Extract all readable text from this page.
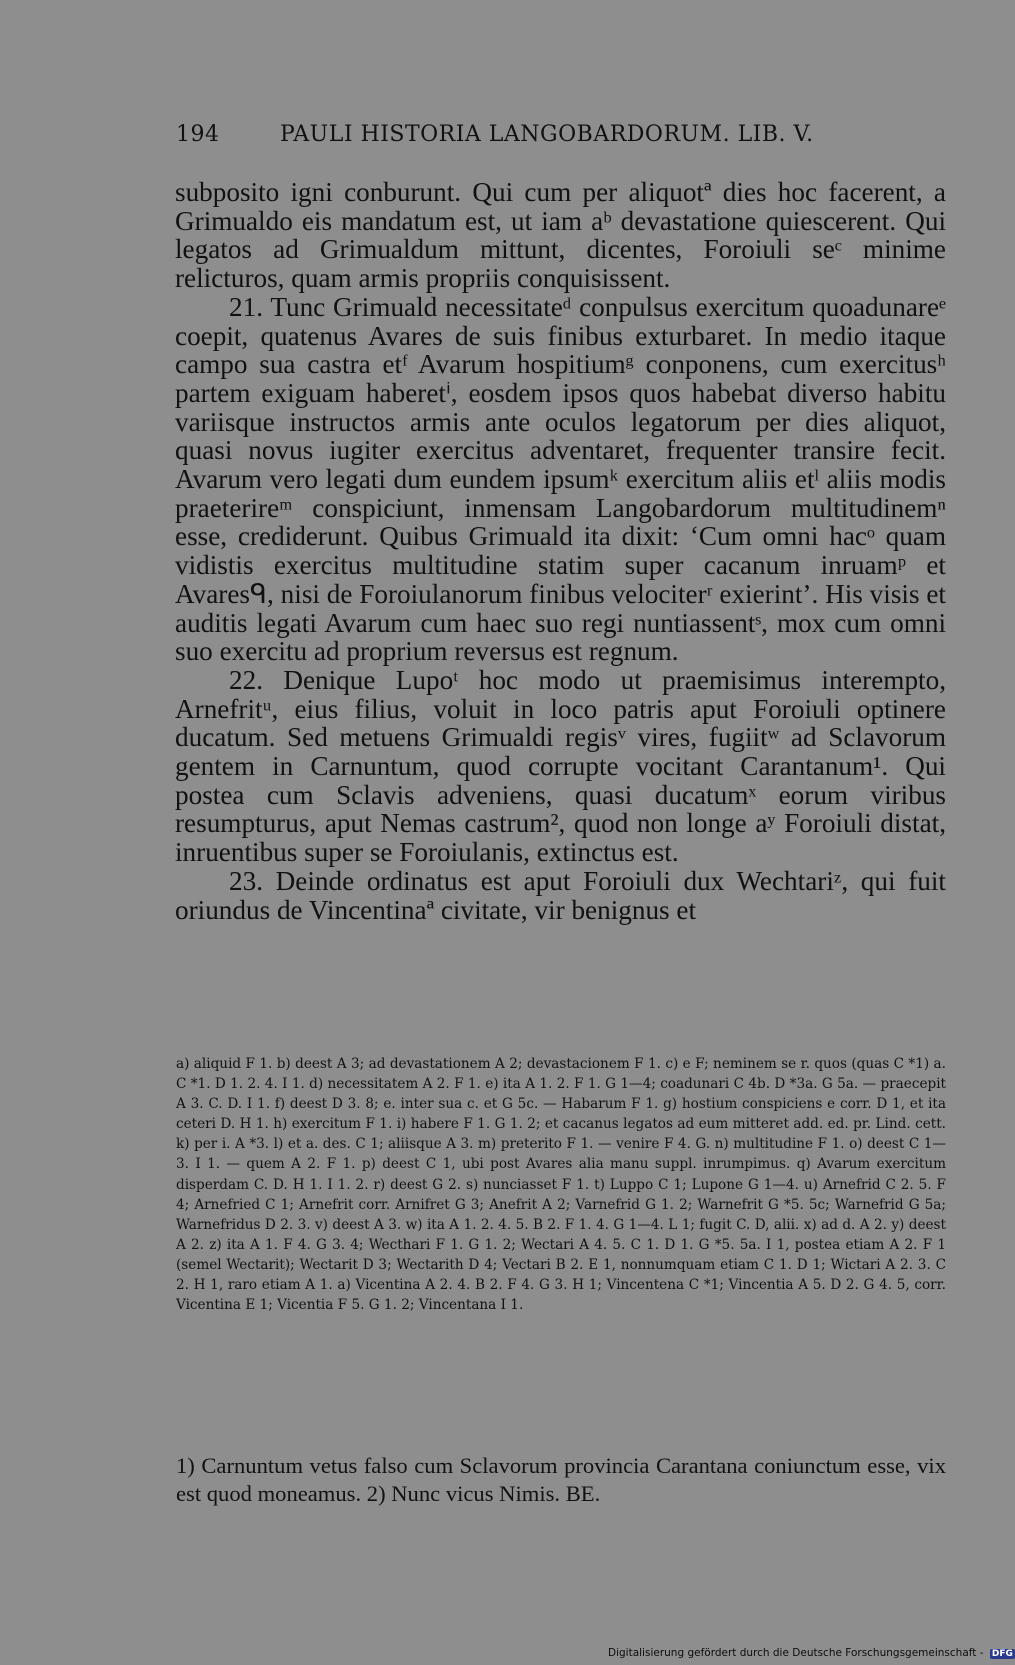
194	PAULI HISTORIA LANGOBARDORUM. LIB. V.

subposito igni conburunt. Qui cum per aliquotª dies hoc facerent, a Grimualdo eis mandatum est, ut iam aᵇ devastatione quiescerent. Qui legatos ad Grimualdum mittunt, dicentes, Foroiuli seᶜ minime relicturos, quam armis propriis conquisissent.

21. Tunc Grimuald necessitateᵈ conpulsus exercitum quoadunareᵉ coepit, quatenus Avares de suis finibus exturbaret. In medio itaque campo sua castra etᶠ Avarum hospitiumᵍ conponens, cum exercitusʰ partem exiguam haberetⁱ, eosdem ipsos quos habebat diverso habitu variisque instructos armis ante oculos legatorum per dies aliquot, quasi novus iugiter exercitus adventaret, frequenter transire fecit. Avarum vero legati dum eundem ipsumᵏ exercitum aliis etˡ aliis modis praeterireᵐ conspiciunt, inmensam Langobardorum multitudinemⁿ esse, crediderunt. Quibus Grimuald ita dixit: ‘Cum omni hacᵒ quam vidistis exercitus multitudine statim super cacanum inruamᵖ et Avaresᑫ, nisi de Foroiulanorum finibus velociterʳ exierint’. His visis et auditis legati Avarum cum haec suo regi nuntiassentˢ, mox cum omni suo exercitu ad proprium reversus est regnum.

22. Denique Lupoᵗ hoc modo ut praemisimus interempto, Arnefritᵘ, eius filius, voluit in loco patris aput Foroiuli optinere ducatum. Sed metuens Grimualdi regisᵛ vires, fugiitʷ ad Sclavorum gentem in Carnuntum, quod corrupte vocitant Carantanum¹. Qui postea cum Sclavis adveniens, quasi ducatumˣ eorum viribus resumpturus, aput Nemas castrum², quod non longe aʸ Foroiuli distat, inruentibus super se Foroiulanis, extinctus est.

23. Deinde ordinatus est aput Foroiuli dux Wechtariᶻ, qui fuit oriundus de Vincentinaª civitate, vir benignus et

a) aliquid F 1. b) deest A 3; ad devastationem A 2; devastacionem F 1. c) e F; neminem se r. quos (quas C *1) a. C *1. D 1. 2. 4. I 1. d) necessitatem A 2. F 1. e) ita A 1. 2. F 1. G 1—4; coadunari C 4b. D *3a. G 5a. — praecepit A 3. C. D. I 1. f) deest D 3. 8; e. inter sua c. et G 5c. — Habarum F 1. g) hostium conspiciens e corr. D 1, et ita ceteri D. H 1. h) exercitum F 1. i) habere F 1. G 1. 2; et cacanus legatos ad eum mitteret add. ed. pr. Lind. cett. k) per i. A *3. l) et a. des. C 1; aliisque A 3. m) preterito F 1. — venire F 4. G. n) multitudine F 1. o) deest C 1—3. I 1. — quem A 2. F 1. p) deest C 1, ubi post Avares alia manu suppl. inrumpimus. q) Avarum exercitum disperdam C. D. H 1. I 1. 2. r) deest G 2. s) nunciasset F 1. t) Luppo C 1; Lupone G 1—4. u) Arnefrid C 2. 5. F 4; Arnefried C 1; Arnefrit corr. Arnifret G 3; Anefrit A 2; Varnefrid G 1. 2; Warnefrit G *5. 5c; Warnefrid G 5a; Warnefridus D 2. 3. v) deest A 3. w) ita A 1. 2. 4. 5. B 2. F 1. 4. G 1—4. L 1; fugit C. D, alii. x) ad d. A 2. y) deest A 2. z) ita A 1. F 4. G 3. 4; Wecthari F 1. G 1. 2; Wectari A 4. 5. C 1. D 1. G *5. 5a. I 1, postea etiam A 2. F 1 (semel Wectarit); Wectarit D 3; Wectarith D 4; Vectari B 2. E 1, nonnumquam etiam C 1. D 1; Wictari A 2. 3. C 2. H 1, raro etiam A 1. a) Vicentina A 2. 4. B 2. F 4. G 3. H 1; Vincentena C *1; Vincentia A 5. D 2. G 4. 5, corr. Vicentina E 1; Vicentia F 5. G 1. 2; Vincentana I 1.
1) Carnuntum vetus falso cum Sclavorum provincia Carantana coniunctum esse, vix est quod moneamus. 2) Nunc vicus Nimis. BE.
Digitalisierung gefördert durch die Deutsche Forschungsgemeinschaft - DFG
